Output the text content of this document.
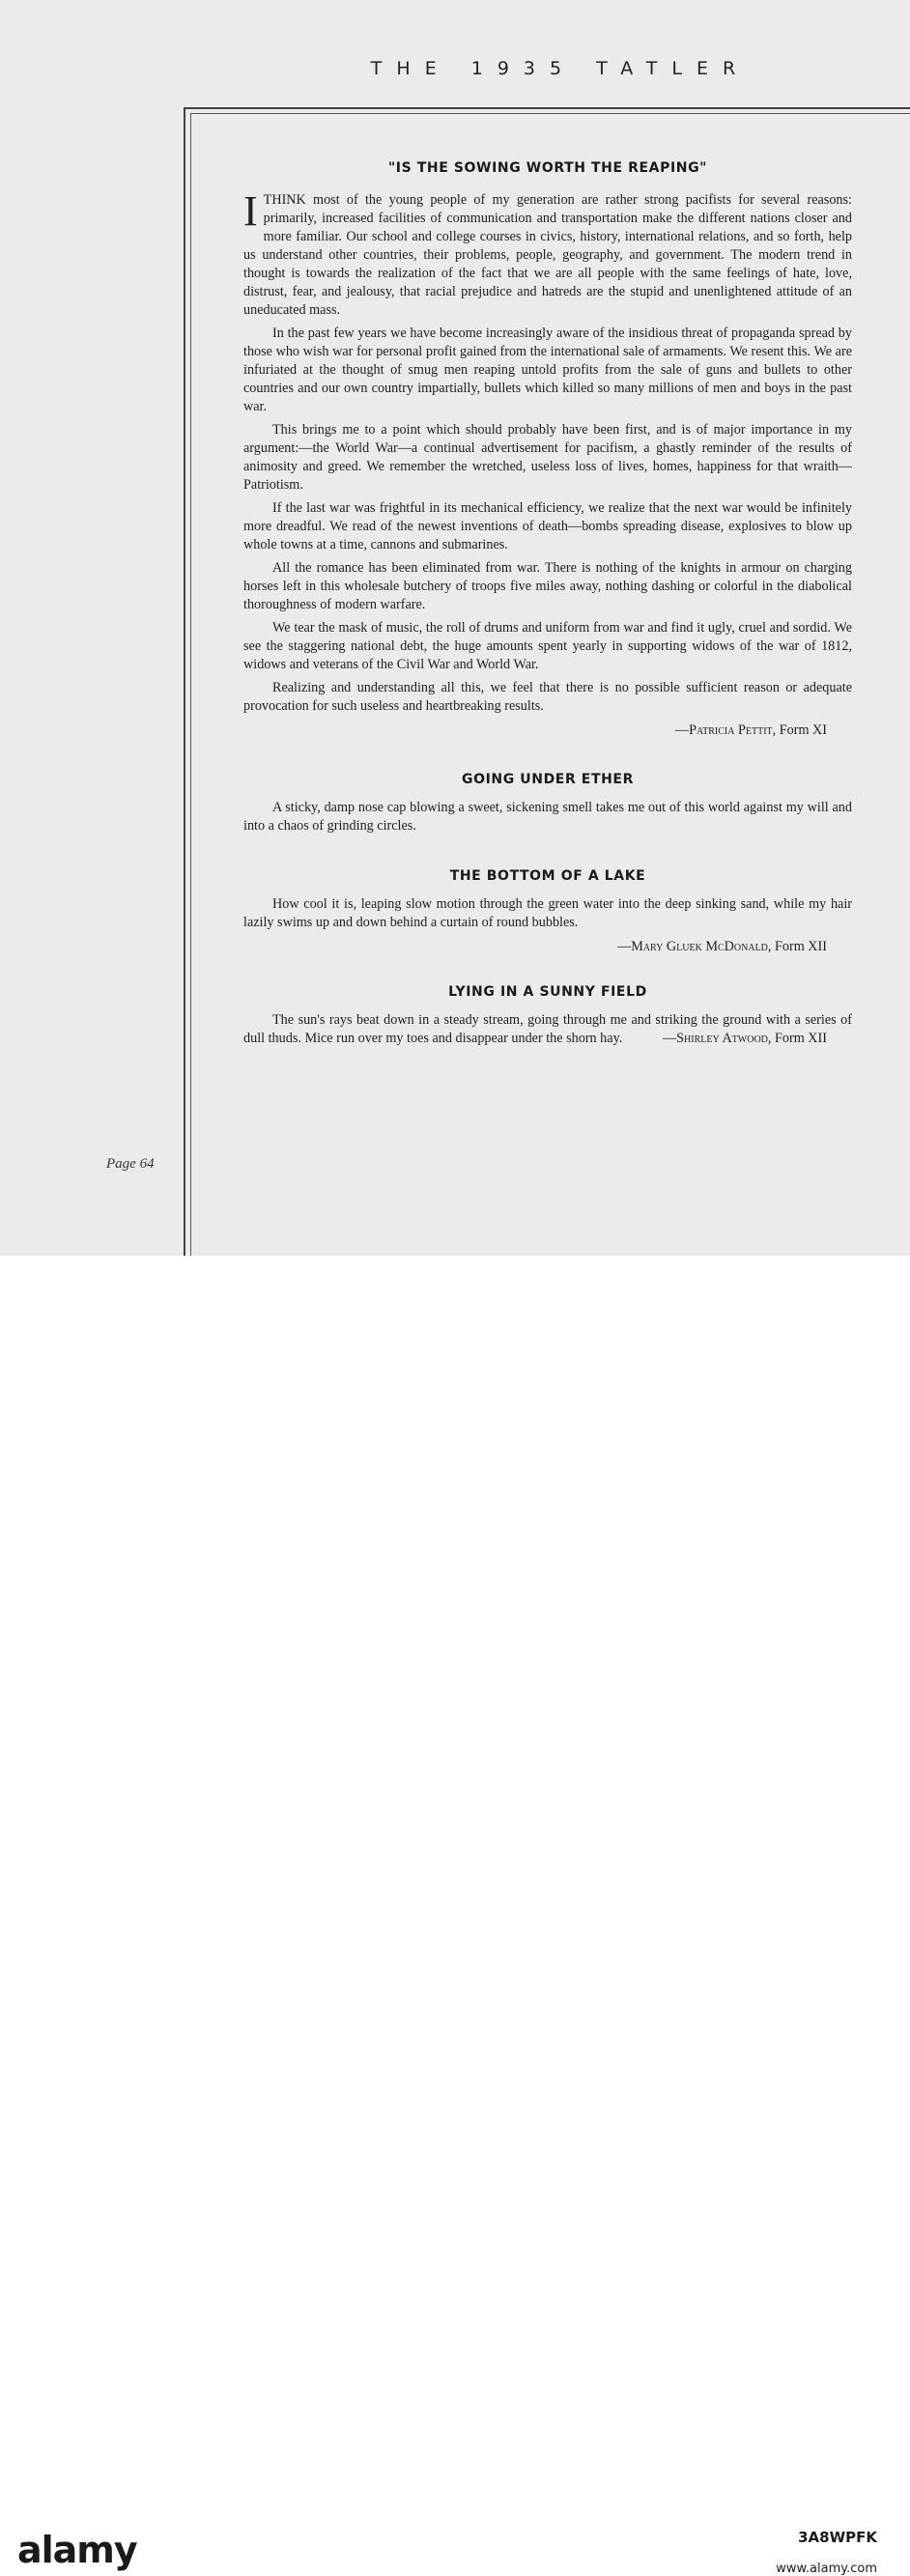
THE 1935 TATLER
"IS THE SOWING WORTH THE REAPING"

ITHINK most of the young people of my generation are rather strong pacifists for several reasons: primarily, increased facilities of communication and transportation make the different nations closer and more familiar. Our school and college courses in civics, history, international relations, and so forth, help us understand other countries, their problems, people, geography, and government. The modern trend in thought is towards the realization of the fact that we are all people with the same feelings of hate, love, distrust, fear, and jealousy, that racial prejudice and hatreds are the stupid and unenlightened attitude of an uneducated mass.

In the past few years we have become increasingly aware of the insidious threat of propaganda spread by those who wish war for personal profit gained from the international sale of armaments. We resent this. We are infuriated at the thought of smug men reaping untold profits from the sale of guns and bullets to other countries and our own country impartially, bullets which killed so many millions of men and boys in the past war.

This brings me to a point which should probably have been first, and is of major importance in my argument:—the World War—a continual advertisement for pacifism, a ghastly reminder of the results of animosity and greed. We remember the wretched, useless loss of lives, homes, happiness for that wraith—Patriotism.

If the last war was frightful in its mechanical efficiency, we realize that the next war would be infinitely more dreadful. We read of the newest inventions of death—bombs spreading disease, explosives to blow up whole towns at a time, cannons and submarines.

All the romance has been eliminated from war. There is nothing of the knights in armour on charging horses left in this wholesale butchery of troops five miles away, nothing dashing or colorful in the diabolical thoroughness of modern warfare.

We tear the mask of music, the roll of drums and uniform from war and find it ugly, cruel and sordid. We see the staggering national debt, the huge amounts spent yearly in supporting widows of the war of 1812, widows and veterans of the Civil War and World War.

Realizing and understanding all this, we feel that there is no possible sufficient reason or adequate provocation for such useless and heartbreaking results.

—Patricia Pettit, Form XI
GOING UNDER ETHER

A sticky, damp nose cap blowing a sweet, sickening smell takes me out of this world against my will and into a chaos of grinding circles.

THE BOTTOM OF A LAKE

How cool it is, leaping slow motion through the green water into the deep sinking sand, while my hair lazily swims up and down behind a curtain of round bubbles.

—Mary Gluek McDonald, Form XII
LYING IN A SUNNY FIELD

The sun's rays beat down in a steady stream, going through me and striking the ground with a series of dull thuds. Mice run over my toes and disappear under the shorn hay.	—Shirley Atwood, Form XII
Page 64
alamy	3A8WPFK
www.alamy.com
